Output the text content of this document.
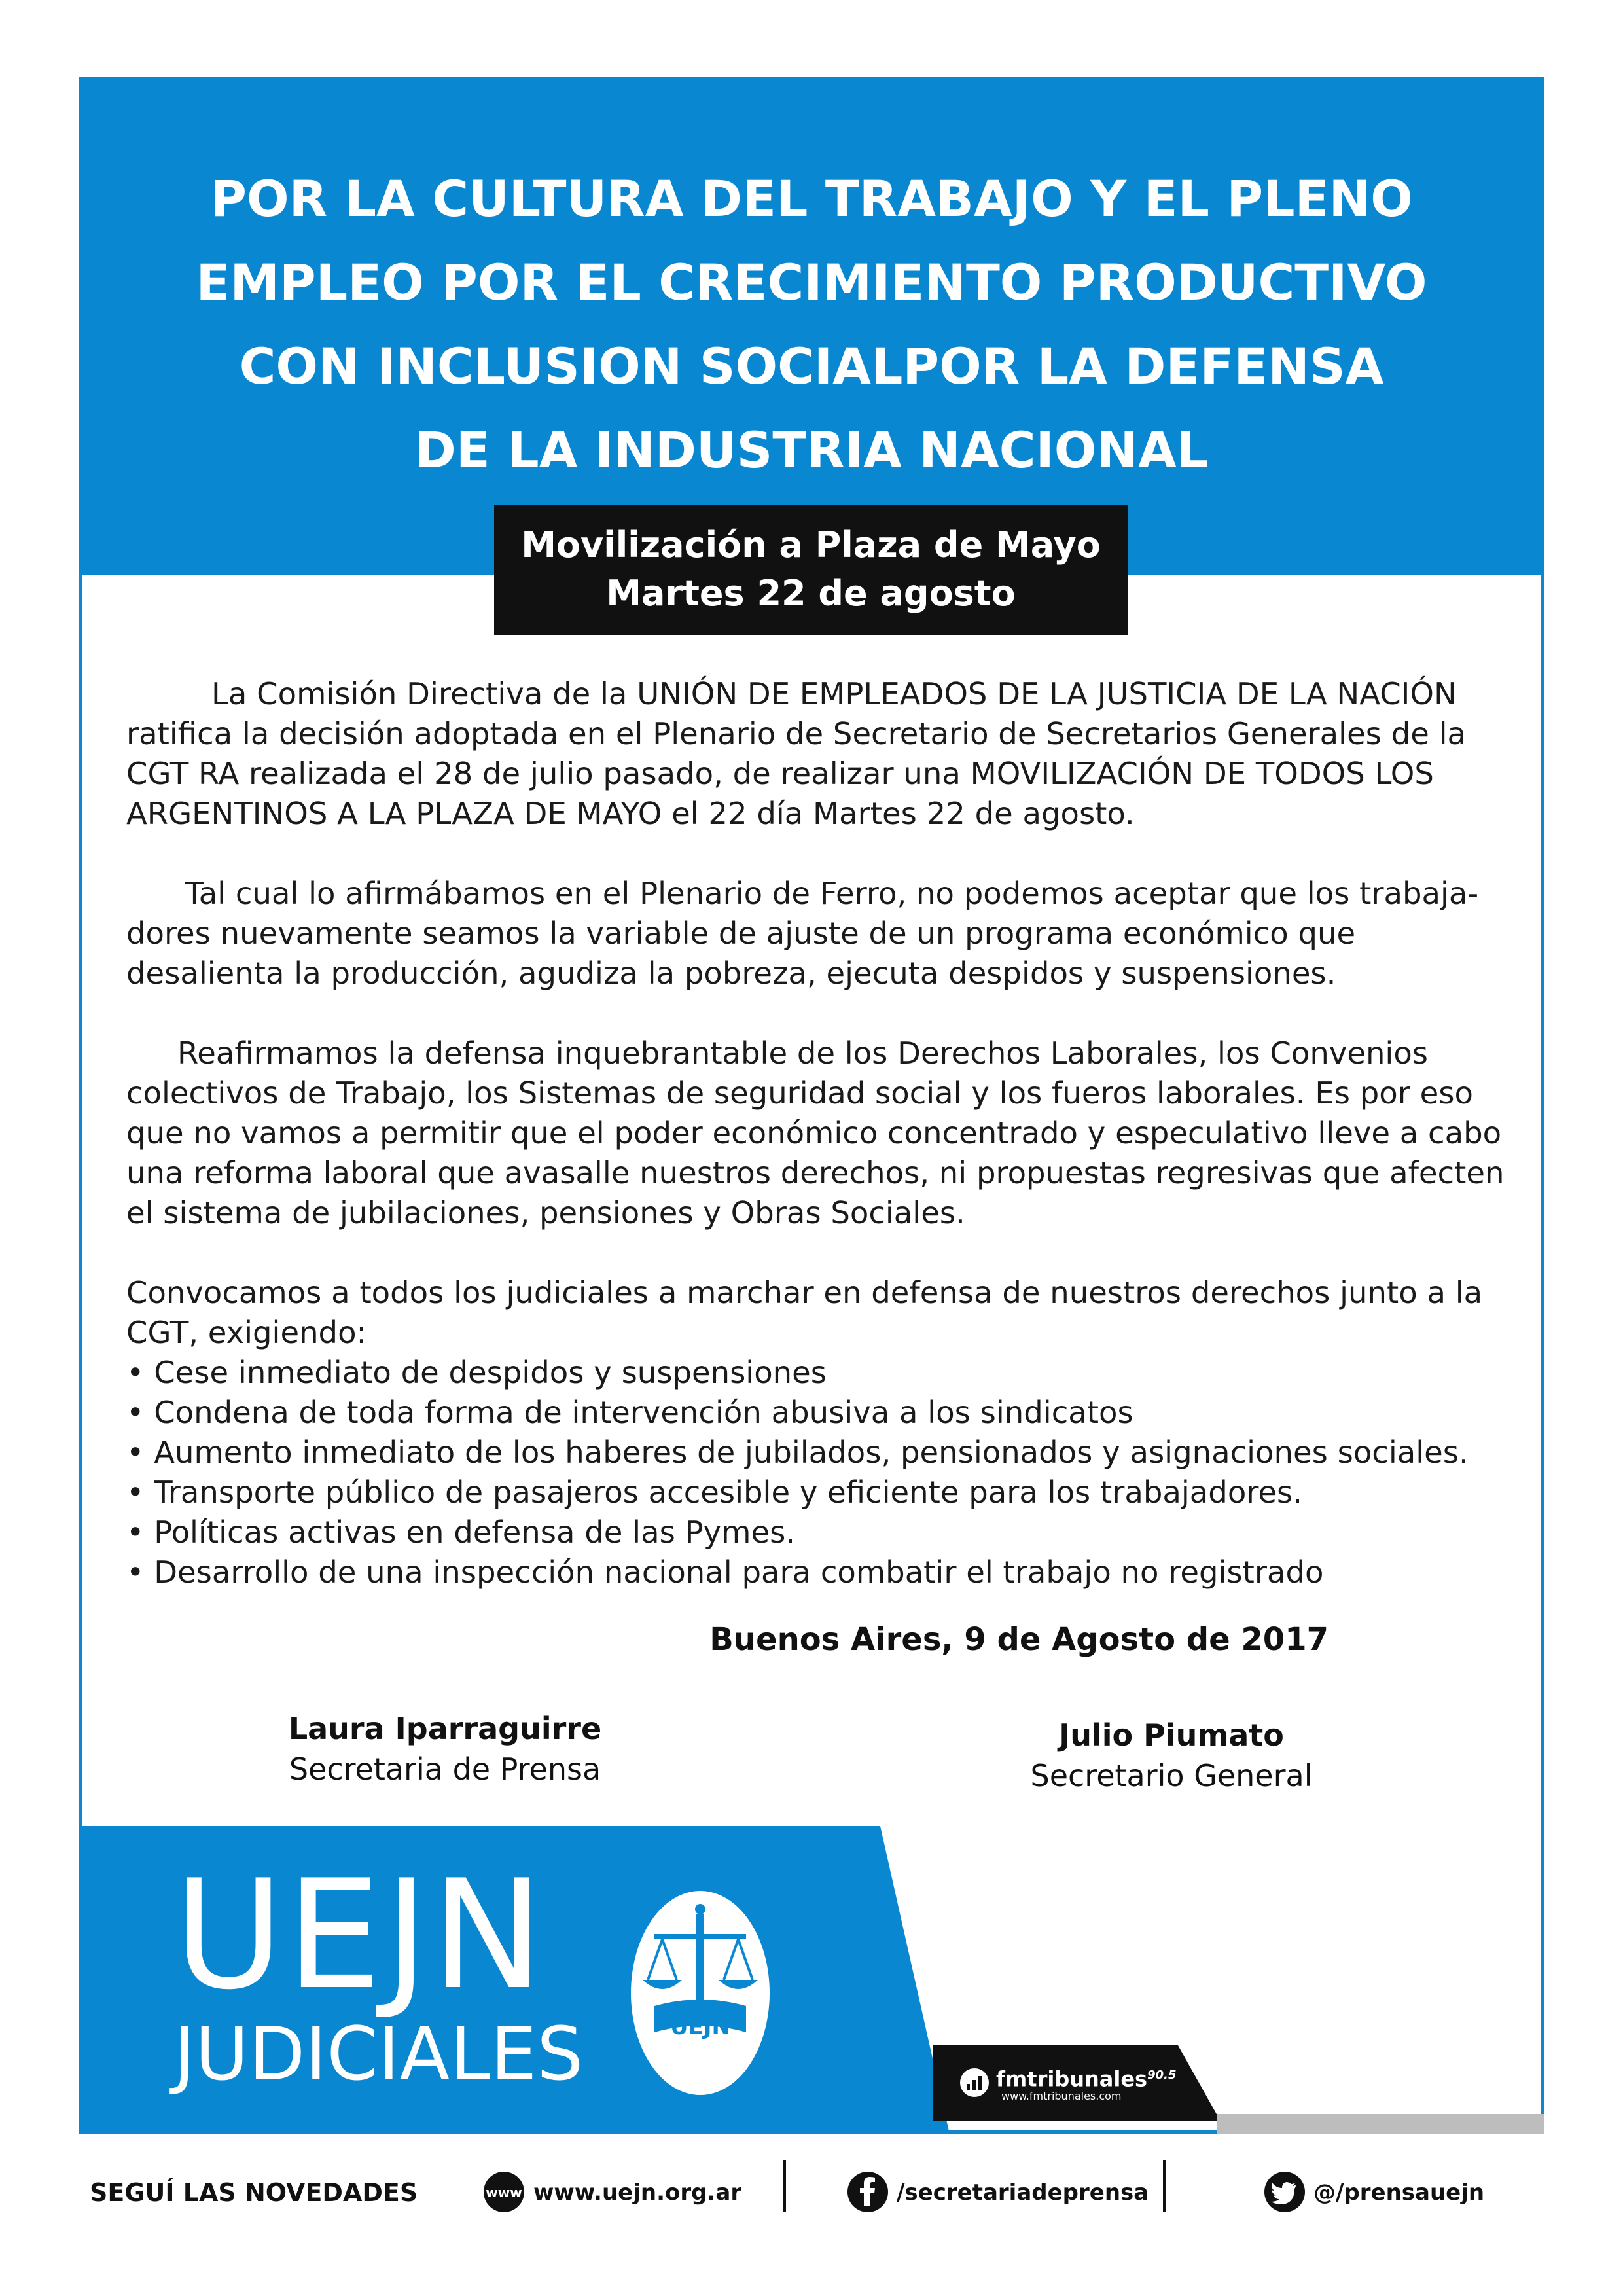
POR LA CULTURA DEL TRABAJO Y EL PLENO
EMPLEO POR EL CRECIMIENTO PRODUCTIVO
CON INCLUSION SOCIALPOR LA DEFENSA
DE LA INDUSTRIA NACIONAL
Movilización a Plaza de Mayo
Martes 22 de agosto

La Comisión Directiva de la UNIÓN DE EMPLEADOS DE LA JUSTICIA DE LA NACIÓN ratifica la decisión adoptada en el Plenario de Secretario de Secretarios Generales de la CGT RA realizada el 28 de julio pasado, de realizar una MOVILIZACIÓN DE TODOS LOS ARGENTINOS A LA PLAZA DE MAYO el 22 día Martes 22 de agosto.

Tal cual lo afirmábamos en el Plenario de Ferro, no podemos aceptar que los trabaja-dores nuevamente seamos la variable de ajuste de un programa económico que desalienta la producción, agudiza la pobreza, ejecuta despidos y suspensiones.

Reafirmamos la defensa inquebrantable de los Derechos Laborales, los Convenios colectivos de Trabajo, los Sistemas de seguridad social y los fueros laborales. Es por eso que no vamos a permitir que el poder económico concentrado y especulativo lleve a cabo una reforma laboral que avasalle nuestros derechos, ni propuestas regresivas que afecten el sistema de jubilaciones, pensiones y Obras Sociales.

Convocamos a todos los judiciales a marchar en defensa de nuestros derechos junto a la CGT, exigiendo:
• Cese inmediato de despidos y suspensiones
• Condena de toda forma de intervención abusiva a los sindicatos
• Aumento inmediato de los haberes de jubilados, pensionados y asignaciones sociales.
• Transporte público de pasajeros accesible y eficiente para los trabajadores.
• Políticas activas en defensa de las Pymes.
• Desarrollo de una inspección nacional para combatir el trabajo no registrado
Buenos Aires, 9 de Agosto de 2017
Laura Iparraguirre
Secretaria de Prensa
Julio Piumato
Secretario General
UEJN
JUDICIALES	UEJN
fmtribunales$^{90.5}$
www.fmtribunales.com
SEGUÍ LAS NOVEDADES	www www.uejn.org.ar	/secretariadeprensa	@/prensauejn
